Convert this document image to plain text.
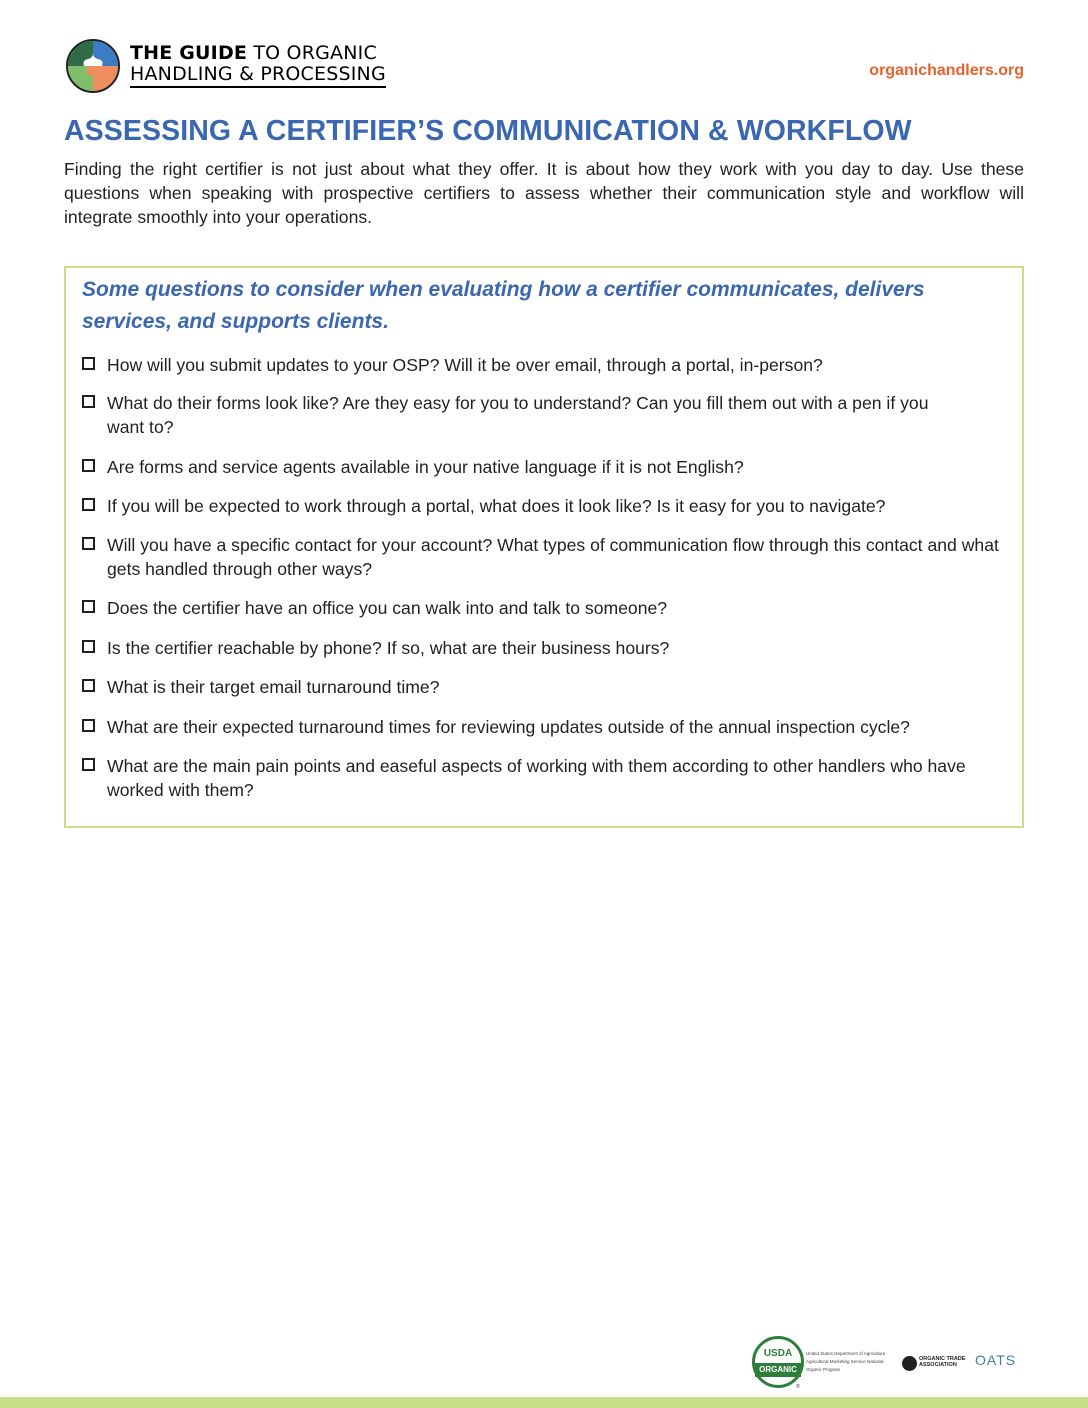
THE GUIDE TO ORGANIC
HANDLING & PROCESSING	organichandlers.org
ASSESSING A CERTIFIER’S COMMUNICATION & WORKFLOW
Finding the right certifier is not just about what they offer. It is about how they work with you day to day. Use these questions when speaking with prospective certifiers to assess whether their communication style and workflow will integrate smoothly into your operations.
Some questions to consider when evaluating how a certifier communicates, delivers services, and supports clients.
How will you submit updates to your OSP? Will it be over email, through a portal, in-person?
What do their forms look like? Are they easy for you to understand? Can you fill them out with a pen if you want to?
Are forms and service agents available in your native language if it is not English?
If you will be expected to work through a portal, what does it look like? Is it easy for you to navigate?
Will you have a specific contact for your account? What types of communication flow through this contact and what gets handled through other ways?
Does the certifier have an office you can walk into and talk to someone?
Is the certifier reachable by phone? If so, what are their business hours?
What is their target email turnaround time?
What are their expected turnaround times for reviewing updates outside of the annual inspection cycle?
What are the main pain points and easeful aspects of working with them according to other handlers who have worked with them?
USDA
ORGANIC
®
United States Department of Agriculture Agricultural Marketing Service National Organic Program
ORGANIC TRADE ASSOCIATION	OATS
